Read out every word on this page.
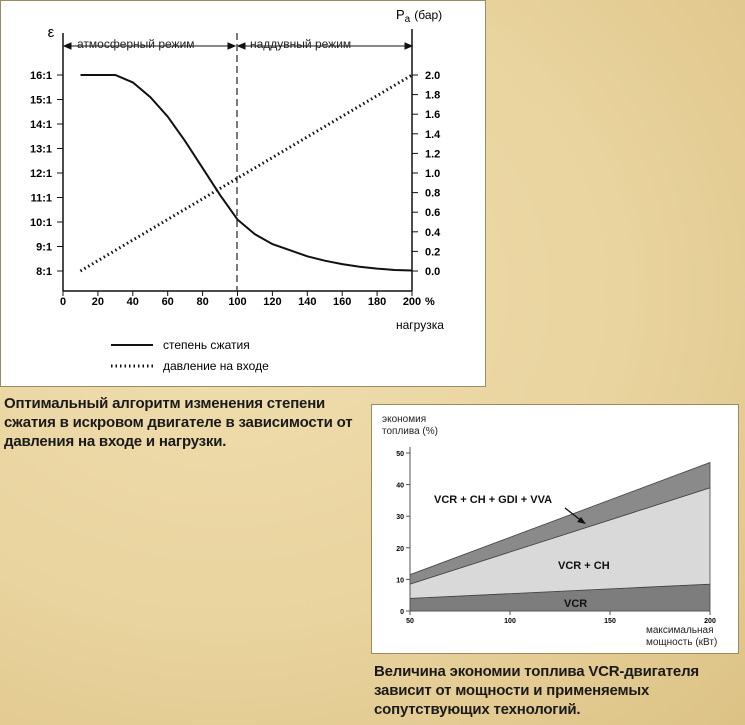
ε
$P_a$ (бар)
атмосферный режим	наддувный режим
0 20 40 60 80 100 120 140 160 180 200
8:1
9:1
10:1
11:1
12:1
13:1
14:1
15:1
16:1
0.0
0.2
0.4
0.6
0.8
1.0
1.2
1.4
1.6
1.8
2.0
%
нагрузка
степень сжатия
давление на входе
Оптимальный алгоритм изменения степени сжатия в искровом двигателе в зависимости от давления на входе и нагрузки.
экономия
топлива (%)
50	100	150	200
0
10
20
30
40
50
VCR + CH + GDI + VVA
VCR + CH
VCR
максимальная
мощность (кВт)
Величина экономии топлива VCR-двигателя зависит от мощности и применяемых сопутствующих технологий.
